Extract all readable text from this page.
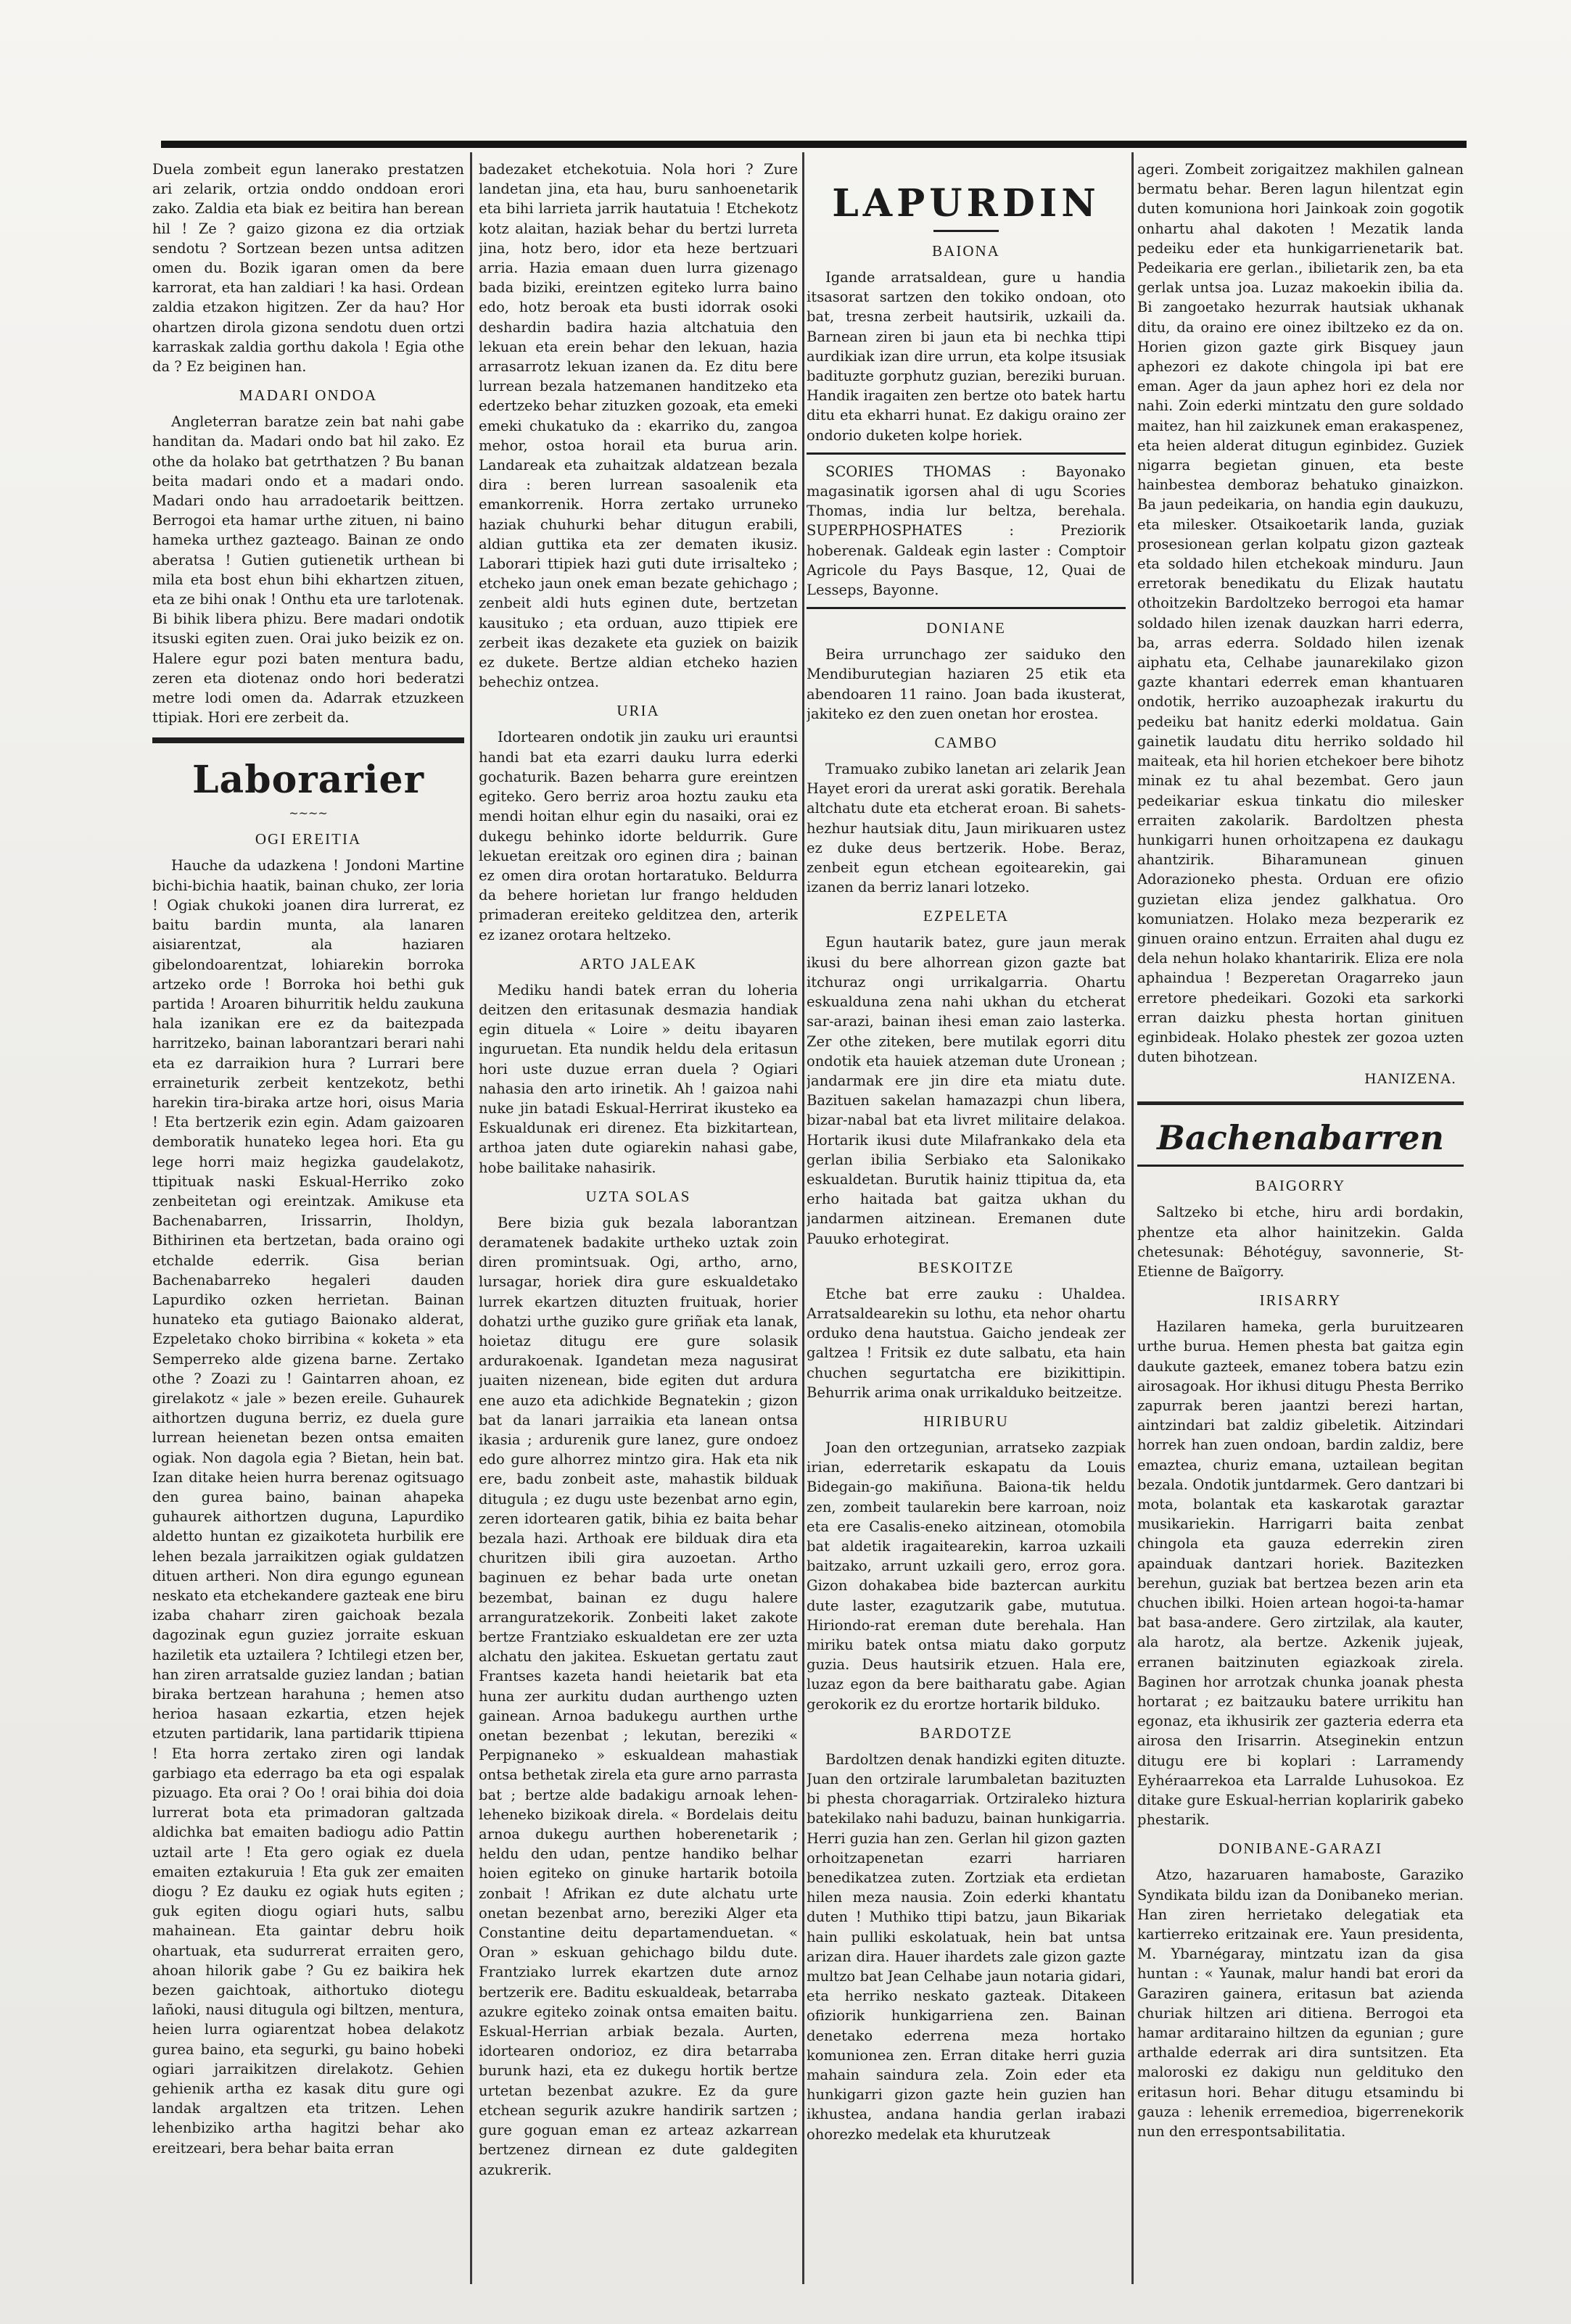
Duela zombeit egun lanerako prestatzen ari zelarik, ortzia onddo onddoan erori zako. Zaldia eta biak ez beitira han berean hil ! Ze ? gaizo gizona ez dia ortziak sendotu ? Sortzean bezen untsa aditzen omen du. Bozik igaran omen da bere karrorat, eta han zaldiari ! ka hasi. Ordean zaldia etzakon higitzen. Zer da hau? Hor ohartzen dirola gizona sendotu duen ortzi karraskak zaldia gorthu dakola ! Egia othe da ? Ez beiginen han.

MADARI ONDOA

Angleterran baratze zein bat nahi gabe handitan da. Madari ondo bat hil zako. Ez othe da holako bat getrthatzen ? Bu banan beita madari ondo et a madari ondo. Madari ondo hau arradoetarik beittzen. Berrogoi eta hamar urthe zituen, ni baino hameka urthez gazteago. Bainan ze ondo aberatsa ! Gutien gutienetik urthean bi mila eta bost ehun bihi ekhartzen zituen, eta ze bihi onak ! Onthu eta ure tarlotenak. Bi bihik libera phizu. Bere madari ondotik itsuski egiten zuen. Orai juko beizik ez on. Halere egur pozi baten mentura badu, zeren eta diotenaz ondo hori bederatzi metre lodi omen da. Adarrak etzuzkeen ttipiak. Hori ere zerbeit da.

Laborarier
~~~~
OGI EREITIA

Hauche da udazkena ! Jondoni Martine bichi-bichia haatik, bainan chuko, zer loria ! Ogiak chukoki joanen dira lurrerat, ez baitu bardin munta, ala lanaren aisiarentzat, ala haziaren gibelondoarentzat, lohiarekin borroka artzeko orde ! Borroka hoi bethi guk partida ! Aroaren bihurritik heldu zaukuna hala izanikan ere ez da baitezpada harritzeko, bainan laborantzari berari nahi eta ez darraikion hura ? Lurrari bere erraineturik zerbeit kentzekotz, bethi harekin tira-biraka artze hori, oisus Maria ! Eta bertzerik ezin egin. Adam gaizoaren demboratik hunateko legea hori. Eta gu lege horri maiz hegizka gaudelakotz, ttipituak naski Eskual-Herriko zoko zenbeitetan ogi ereintzak. Amikuse eta Bachenabarren, Irissarrin, Iholdyn, Bithirinen eta bertzetan, bada oraino ogi etchalde ederrik. Gisa berian Bachenabarreko hegaleri dauden Lapurdiko ozken herrietan. Bainan hunateko eta gutiago Baionako alderat, Ezpeletako choko birribina « koketa » eta Semperreko alde gizena barne. Zertako othe ? Zoazi zu ! Gaintarren ahoan, ez girelakotz « jale » bezen ereile. Guhaurek aithortzen duguna berriz, ez duela gure lurrean heienetan bezen ontsa emaiten ogiak. Non dagola egia ? Bietan, hein bat. Izan ditake heien hurra berenaz ogitsuago den gurea baino, bainan ahapeka guhaurek aithortzen duguna, Lapurdiko aldetto huntan ez gizaikoteta hurbilik ere lehen bezala jarraikitzen ogiak guldatzen dituen artheri. Non dira egungo egunean neskato eta etchekandere gazteak ene biru izaba chaharr ziren gaichoak bezala dagozinak egun guziez jorraite eskuan haziletik eta uztailera ? Ichtilegi etzen ber, han ziren arratsalde guziez landan ; batian biraka bertzean harahuna ; hemen atso herioa hasaan ezkartia, etzen hejek etzuten partidarik, lana partidarik ttipiena ! Eta horra zertako ziren ogi landak garbiago eta ederrago ba eta ogi espalak pizuago. Eta orai ? Oo ! orai bihia doi doia lurrerat bota eta primadoran galtzada aldichka bat emaiten badiogu adio Pattin uztail arte ! Eta gero ogiak ez duela emaiten eztakuruia ! Eta guk zer emaiten diogu ? Ez dauku ez ogiak huts egiten ; guk egiten diogu ogiari huts, salbu mahainean. Eta gaintar debru hoik ohartuak, eta sudurrerat erraiten gero, ahoan hilorik gabe ? Gu ez baikira hek bezen gaichtoak, aithortuko diotegu lañoki, nausi ditugula ogi biltzen, mentura, heien lurra ogiarentzat hobea delakotz gurea baino, eta segurki, gu baino hobeki ogiari jarraikitzen direlakotz. Gehien gehienik artha ez kasak ditu gure ogi landak argaltzen eta tritzen. Lehen lehenbiziko artha hagitzi behar ako ereitzeari, bera behar baita erran

badezaket etchekotuia. Nola hori ? Zure landetan jina, eta hau, buru sanhoenetarik eta bihi larrieta jarrik hautatuia ! Etchekotz kotz alaitan, haziak behar du bertzi lurreta jina, hotz bero, idor eta heze bertzuari arria. Hazia emaan duen lurra gizenago bada biziki, ereintzen egiteko lurra baino edo, hotz beroak eta busti idorrak osoki deshardin badira hazia altchatuia den lekuan eta erein behar den lekuan, hazia arrasarrotz lekuan izanen da. Ez ditu bere lurrean bezala hatzemanen handitzeko eta edertzeko behar zituzken gozoak, eta emeki emeki chukatuko da : ekarriko du, zangoa mehor, ostoa horail eta burua arin. Landareak eta zuhaitzak aldatzean bezala dira : beren lurrean sasoalenik eta emankorrenik. Horra zertako urruneko haziak chuhurki behar ditugun erabili, aldian guttika eta zer dematen ikusiz. Laborari ttipiek hazi guti dute irrisalteko ; etcheko jaun onek eman bezate gehichago ; zenbeit aldi huts eginen dute, bertzetan kausituko ; eta orduan, auzo ttipiek ere zerbeit ikas dezakete eta guziek on baizik ez dukete. Bertze aldian etcheko hazien behechiz ontzea.

URIA

Idortearen ondotik jin zauku uri erauntsi handi bat eta ezarri dauku lurra ederki gochaturik. Bazen beharra gure ereintzen egiteko. Gero berriz aroa hoztu zauku eta mendi hoitan elhur egin du nasaiki, orai ez dukegu behinko idorte beldurrik. Gure lekuetan ereitzak oro eginen dira ; bainan ez omen dira orotan hortaratuko. Beldurra da behere horietan lur frango helduden primaderan ereiteko gelditzea den, arterik ez izanez orotara heltzeko.

ARTO JALEAK

Mediku handi batek erran du loheria deitzen den eritasunak desmazia handiak egin dituela « Loire » deitu ibayaren inguruetan. Eta nundik heldu dela eritasun hori uste duzue erran duela ? Ogiari nahasia den arto irinetik. Ah ! gaizoa nahi nuke jin batadi Eskual-Herrirat ikusteko ea Eskualdunak eri direnez. Eta bizkitartean, arthoa jaten dute ogiarekin nahasi gabe, hobe bailitake nahasirik.

UZTA SOLAS

Bere bizia guk bezala laborantzan deramatenek badakite urtheko uztak zoin diren promintsuak. Ogi, artho, arno, lursagar, horiek dira gure eskualdetako lurrek ekartzen dituzten fruituak, horier dohatzi urthe guziko gure griñak eta lanak, hoietaz ditugu ere gure solasik ardurakoenak. Igandetan meza nagusirat juaiten nizenean, bide egiten dut ardura ene auzo eta adichkide Begnatekin ; gizon bat da lanari jarraikia eta lanean ontsa ikasia ; ardurenik gure lanez, gure ondoez edo gure alhorrez mintzo gira. Hak eta nik ere, badu zonbeit aste, mahastik bilduak ditugula ; ez dugu uste bezenbat arno egin, zeren idortearen gatik, bihia ez baita behar bezala hazi. Arthoak ere bilduak dira eta churitzen ibili gira auzoetan. Artho baginuen ez behar bada urte onetan bezembat, bainan ez dugu halere arranguratzekorik. Zonbeiti laket zakote bertze Frantziako eskualdetan ere zer uzta alchatu den jakitea. Eskuetan gertatu zaut Frantses kazeta handi heietarik bat eta huna zer aurkitu dudan aurthengo uzten gainean. Arnoa badukegu aurthen urthe onetan bezenbat ; lekutan, bereziki « Perpignaneko » eskualdean mahastiak ontsa bethetak zirela eta gure arno parrasta bat ; bertze alde badakigu arnoak lehen-leheneko bizikoak direla. « Bordelais deitu arnoa dukegu aurthen hoberenetarik ; heldu den udan, pentze handiko belhar hoien egiteko on ginuke hartarik botoila zonbait ! Afrikan ez dute alchatu urte onetan bezenbat arno, bereziki Alger eta Constantine deitu departamenduetan. « Oran » eskuan gehichago bildu dute. Frantziako lurrek ekartzen dute arnoz bertzerik ere. Baditu eskualdeak, betarraba azukre egiteko zoinak ontsa emaiten baitu. Eskual-Herrian arbiak bezala. Aurten, idortearen ondorioz, ez dira betarraba burunk hazi, eta ez dukegu hortik bertze urtetan bezenbat azukre. Ez da gure etchean segurik azukre handirik sartzen ; gure goguan eman ez arteaz azkarrean bertzenez dirnean ez dute galdegiten azukrerik.

LAPURDIN
BAIONA

Igande arratsaldean, gure u handia itsasorat sartzen den tokiko ondoan, oto bat, tresna zerbeit hautsirik, uzkaili da. Barnean ziren bi jaun eta bi nechka ttipi aurdikiak izan dire urrun, eta kolpe itsusiak badituzte gorphutz guzian, bereziki buruan. Handik iragaiten zen bertze oto batek hartu ditu eta ekharri hunat. Ez dakigu oraino zer ondorio duketen kolpe horiek.

SCORIES THOMAS : Bayonako magasinatik igorsen ahal di ugu Scories Thomas, india lur beltza, berehala. SUPERPHOSPHATES : Preziorik hoberenak. Galdeak egin laster : Comptoir Agricole du Pays Basque, 12, Quai de Lesseps, Bayonne.

DONIANE

Beira urrunchago zer saiduko den Mendiburutegian haziaren 25 etik eta abendoaren 11 raino. Joan bada ikusterat, jakiteko ez den zuen onetan hor erostea.

CAMBO

Tramuako zubiko lanetan ari zelarik Jean Hayet erori da urerat aski goratik. Berehala altchatu dute eta etcherat eroan. Bi sahets-hezhur hautsiak ditu, Jaun mirikuaren ustez ez duke deus bertzerik. Hobe. Beraz, zenbeit egun etchean egoitearekin, gai izanen da berriz lanari lotzeko.

EZPELETA

Egun hautarik batez, gure jaun merak ikusi du bere alhorrean gizon gazte bat itchuraz ongi urrikalgarria. Ohartu eskualduna zena nahi ukhan du etcherat sar-arazi, bainan ihesi eman zaio lasterka. Zer othe ziteken, bere mutilak egorri ditu ondotik eta hauiek atzeman dute Uronean ; jandarmak ere jin dire eta miatu dute. Bazituen sakelan hamazazpi chun libera, bizar-nabal bat eta livret militaire delakoa. Hortarik ikusi dute Milafrankako dela eta gerlan ibilia Serbiako eta Salonikako eskualdetan. Burutik hainiz ttipituа da, eta erho haitada bat gaitza ukhan du jandarmen aitzinean. Eremanen dute Pauuko erhotegirat.

BESKOITZE

Etche bat erre zauku : Uhaldea. Arratsaldearekin su lothu, eta nehor ohartu orduko dena hautstua. Gaicho jendeak zer galtzea ! Fritsik ez dute salbatu, eta hain chuchen segurtatcha ere bizikittipin. Behurrik arima onak urrikalduko beitzeitze.

HIRIBURU

Joan den ortzegunian, arratseko zazpiak irian, ederretarik eskapatu da Louis Bidegain-go makiñuna. Baiona-tik heldu zen, zombeit taularekin bere karroan, noiz eta ere Casalis-eneko aitzinean, otomobila bat aldetik iragaitearekin, karroa uzkaili baitzako, arrunt uzkaili gero, erroz gora. Gizon dohakabea bide baztercan aurkitu dute laster, ezagutzarik gabe, mututua. Hiriondo-rat ereman dute berehala. Han miriku batek ontsa miatu dako gorputz guzia. Deus hautsirik etzuen. Hala ere, luzaz egon da bere baitharatu gabe. Agian gerokorik ez du erortze hortarik bilduko.

BARDOTZE

Bardoltzen denak handizki egiten dituzte. Juan den ortzirale larumbaletan bazituzten bi phesta choragarriak. Ortziraleko hiztura batekilako nahi baduzu, bainan hunkigarria. Herri guzia han zen. Gerlan hil gizon gazten orhoitzapenetan ezarri harriaren benedikatzea zuten. Zortziak eta erdietan hilen meza nausia. Zoin ederki khantatu duten ! Muthiko ttipi batzu, jaun Bikariak hain pulliki eskolatuak, hein bat untsa arizan dira. Hauer ihardets zale gizon gazte multzo bat Jean Celhabe jaun notaria gidari, eta herriko neskato gazteak. Ditakeen ofiziorik hunkigarriena zen. Bainan denetako ederrena meza hortako komunionea zen. Erran ditake herri guzia mahain saindura zela. Zoin eder eta hunkigarri gizon gazte hein guzien han ikhustea, andana handia gerlan irabazi ohorezko medelak eta khurutzeak

ageri. Zombeit zorigaitzez makhilen galnean bermatu behar. Beren lagun hilentzat egin duten komuniona hori Jainkoak zoin gogotik onhartu ahal dakoten ! Mezatik landa pedeiku eder eta hunkigarrienetarik bat. Pedeikaria ere gerlan., ibilietarik zen, ba eta gerlak untsa joa. Luzaz makoekin ibilia da. Bi zangoetako hezurrak hautsiak ukhanak ditu, da oraino ere oinez ibiltzeko ez da on. Horien gizon gazte girk Bisquey jaun aphezori ez dakote chingola ipi bat ere eman. Ager da jaun aphez hori ez dela nor nahi. Zoin ederki mintzatu den gure soldado maitez, han hil zaizkunek eman erakaspenez, eta heien alderat ditugun eginbidez. Guziek nigarra begietan ginuen, eta beste hainbestea demboraz behatuko ginaizkon. Ba jaun pedeikaria, on handia egin daukuzu, eta milesker. Otsaikoetarik landa, guziak prosesionean gerlan kolpatu gizon gazteak eta soldado hilen etchekoak minduru. Jaun erretorak benedikatu du Elizak hautatu othoitzekin Bardoltzeko berrogoi eta hamar soldado hilen izenak dauzkan harri ederra, ba, arras ederra. Soldado hilen izenak aiphatu eta, Celhabe jaunarekilako gizon gazte khantari ederrek eman khantuaren ondotik, herriko auzoaphezak irakurtu du pedeiku bat hanitz ederki moldatua. Gain gainetik laudatu ditu herriko soldado hil maiteak, eta hil horien etchekoer bere bihotz minak ez tu ahal bezembat. Gero jaun pedeikariar eskua tinkatu dio milesker erraiten zakolarik. Bardoltzen phesta hunkigarri hunen orhoitzapena ez daukagu ahantzirik. Biharamunean ginuen Adorazioneko phesta. Orduan ere ofizio guzietan eliza jendez galkhatua. Oro komuniatzen. Holako meza bezperarik ez ginuen oraino entzun. Erraiten ahal dugu ez dela nehun holako khantaririk. Eliza ere nola aphaindua ! Bezperetan Oragarreko jaun erretore phedeikari. Gozoki eta sarkorki erran daizku phesta hortan ginituen eginbideak. Holako phestek zer gozoa uzten duten bihotzean.

HANIZENA.
Bachenabarren
BAIGORRY

Saltzeko bi etche, hiru ardi bordakin, phentze eta alhor hainitzekin. Galda chetesunak: Béhotéguy, savonnerie, St-Etienne de Baïgorry.

IRISARRY

Hazilaren hameka, gerla buruitzearen urthe burua. Hemen phesta bat gaitza egin daukute gazteek, emanez tobera batzu ezin airosagoak. Hor ikhusi ditugu Phesta Berriko zapurrak beren jaantzi berezi hartan, aintzindari bat zaldiz gibeletik. Aitzindari horrek han zuen ondoan, bardin zaldiz, bere emaztea, churiz emana, uztailean begitan bezala. Ondotik juntdarmek. Gero dantzari bi mota, bolantak eta kaskarotak garaztar musikariekin. Harrigarri baita zenbat chingola eta gauza ederrekin ziren apainduak dantzari horiek. Bazitezken berehun, guziak bat bertzea bezen arin eta chuchen ibilki. Hoien artean hogoi-ta-hamar bat basa-andere. Gero zirtzilak, ala kauter, ala harotz, ala bertze. Azkenik jujeak, erranen baitzinuten egiazkoak zirela. Baginen hor arrotzak chunka joanak phesta hortarat ; ez baitzauku batere urrikitu han egonaz, eta ikhusirik zer gazteria ederra eta airosa den Irisarrin. Atseginekin entzun ditugu ere bi koplari : Larramendy Eyhéraarrekoa eta Larralde Luhusokoa. Ez ditake gure Eskual-herrian koplaririk gabeko phestarik.

DONIBANE-GARAZI

Atzo, hazaruaren hamaboste, Garaziko Syndikata bildu izan da Donibaneko merian. Han ziren herrietako delegatiak eta kartierreko eritzainak ere. Yaun presidenta, M. Ybarnégaray, mintzatu izan da gisa huntan : « Yaunak, malur handi bat erori da Garaziren gainera, eritasun bat azienda churiak hiltzen ari ditiena. Berrogoi eta hamar arditaraino hiltzen da egunian ; gure arthalde ederrak ari dira suntsitzen. Eta maloroski ez dakigu nun gelditukо den eritasun hori. Behar ditugu etsamindu bi gauza : lehenik erremedioa, bigerrenekorik nun den errespontsabilitatia.
